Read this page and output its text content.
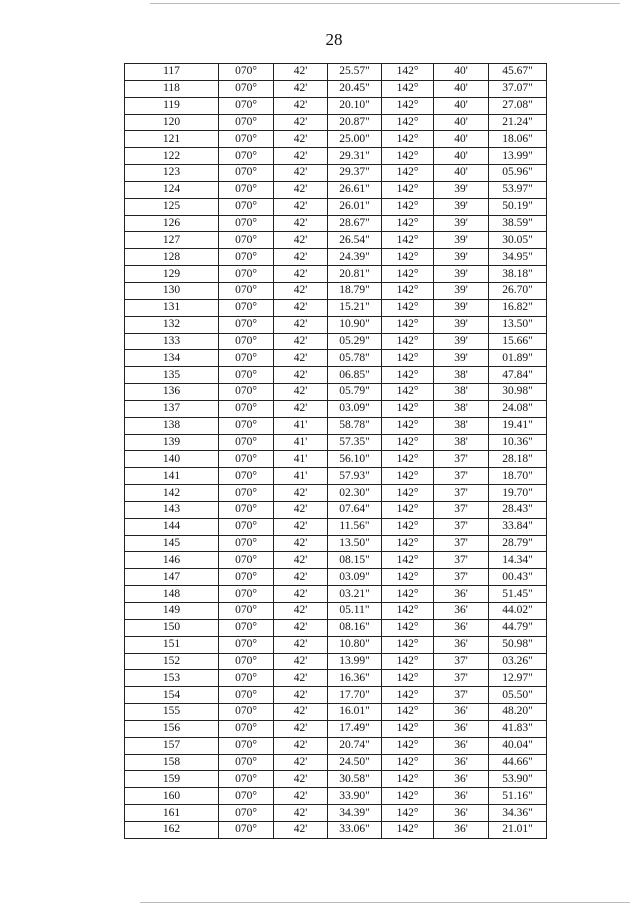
28
117	070°	42'	25.57"	142°	40'	45.67"
118	070°	42'	20.45"	142°	40'	37.07"
119	070°	42'	20.10"	142°	40'	27.08"
120	070°	42'	20.87"	142°	40'	21.24"
121	070°	42'	25.00"	142°	40'	18.06"
122	070°	42'	29.31"	142°	40'	13.99"
123	070°	42'	29.37"	142°	40'	05.96"
124	070°	42'	26.61"	142°	39'	53.97"
125	070°	42'	26.01"	142°	39'	50.19"
126	070°	42'	28.67"	142°	39'	38.59"
127	070°	42'	26.54"	142°	39'	30.05"
128	070°	42'	24.39"	142°	39'	34.95"
129	070°	42'	20.81"	142°	39'	38.18"
130	070°	42'	18.79"	142°	39'	26.70"
131	070°	42'	15.21"	142°	39'	16.82"
132	070°	42'	10.90"	142°	39'	13.50"
133	070°	42'	05.29"	142°	39'	15.66"
134	070°	42'	05.78"	142°	39'	01.89"
135	070°	42'	06.85"	142°	38'	47.84"
136	070°	42'	05.79"	142°	38'	30.98"
137	070°	42'	03.09"	142°	38'	24.08"
138	070°	41'	58.78"	142°	38'	19.41"
139	070°	41'	57.35"	142°	38'	10.36"
140	070°	41'	56.10"	142°	37'	28.18"
141	070°	41'	57.93"	142°	37'	18.70"
142	070°	42'	02.30"	142°	37'	19.70"
143	070°	42'	07.64"	142°	37'	28.43"
144	070°	42'	11.56"	142°	37'	33.84"
145	070°	42'	13.50"	142°	37'	28.79"
146	070°	42'	08.15"	142°	37'	14.34"
147	070°	42'	03.09"	142°	37'	00.43"
148	070°	42'	03.21"	142°	36'	51.45"
149	070°	42'	05.11"	142°	36'	44.02"
150	070°	42'	08.16"	142°	36'	44.79"
151	070°	42'	10.80"	142°	36'	50.98"
152	070°	42'	13.99"	142°	37'	03.26"
153	070°	42'	16.36"	142°	37'	12.97"
154	070°	42'	17.70"	142°	37'	05.50"
155	070°	42'	16.01"	142°	36'	48.20"
156	070°	42'	17.49"	142°	36'	41.83"
157	070°	42'	20.74"	142°	36'	40.04"
158	070°	42'	24.50"	142°	36'	44.66"
159	070°	42'	30.58"	142°	36'	53.90"
160	070°	42'	33.90"	142°	36'	51.16"
161	070°	42'	34.39"	142°	36'	34.36"
162	070°	42'	33.06"	142°	36'	21.01"
